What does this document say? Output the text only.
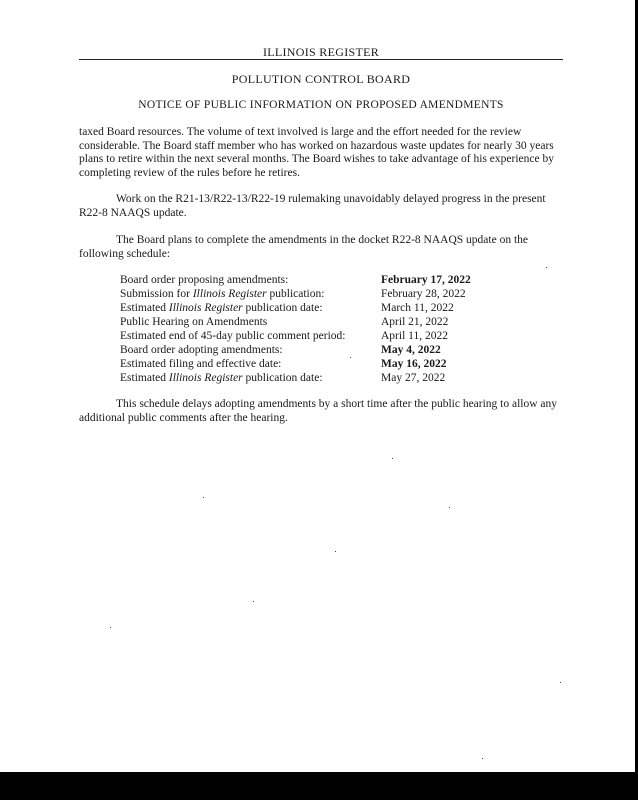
ILLINOIS REGISTER
POLLUTION CONTROL BOARD
NOTICE OF PUBLIC INFORMATION ON PROPOSED AMENDMENTS
taxed Board resources. The volume of text involved is large and the effort needed for the review considerable. The Board staff member who has worked on hazardous waste updates for nearly 30 years plans to retire within the next several months. The Board wishes to take advantage of his experience by completing review of the rules before he retires.
Work on the R21-13/R22-13/R22-19 rulemaking unavoidably delayed progress in the present R22-8 NAAQS update.
The Board plans to complete the amendments in the docket R22-8 NAAQS update on the following schedule:
Board order proposing amendments:	February 17, 2022
Submission for Illinois Register publication:	February 28, 2022
Estimated Illinois Register publication date:	March 11, 2022
Public Hearing on Amendments	April 21, 2022
Estimated end of 45-day public comment period:	April 11, 2022
Board order adopting amendments:	May 4, 2022
Estimated filing and effective date:	May 16, 2022
Estimated Illinois Register publication date:	May 27, 2022
This schedule delays adopting amendments by a short time after the public hearing to allow any additional public comments after the hearing.
